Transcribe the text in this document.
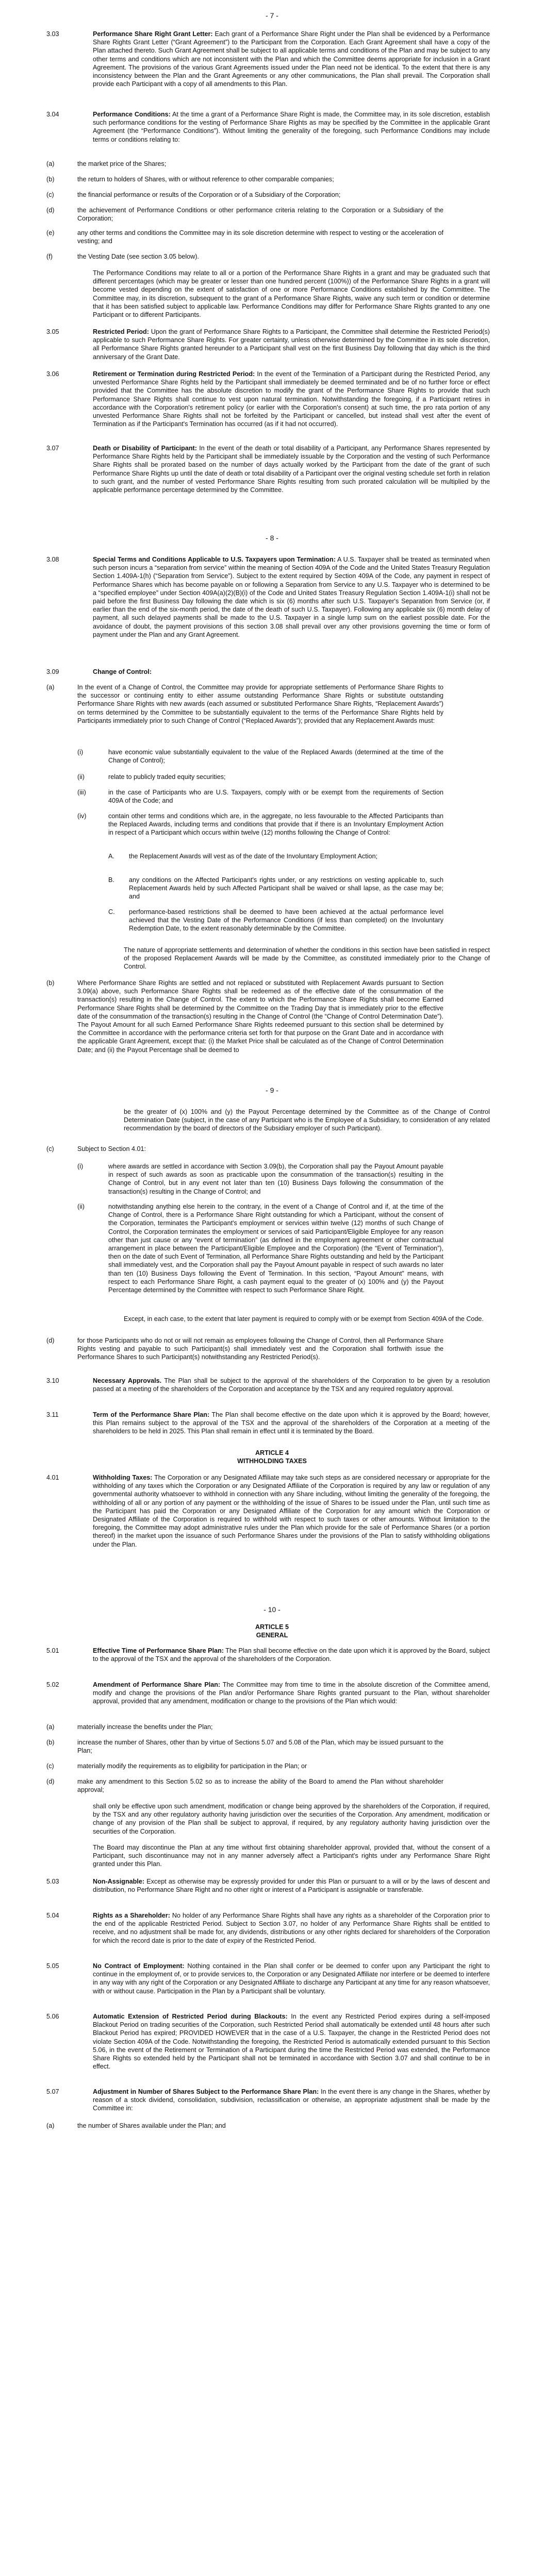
- 7 -
3.03	Performance Share Right Grant Letter: Each grant of a Performance Share Right under the Plan shall be evidenced by a Performance Share Rights Grant Letter (“Grant Agreement”) to the Participant from the Corporation. Each Grant Agreement shall have a copy of the Plan attached thereto. Such Grant Agreement shall be subject to all applicable terms and conditions of the Plan and may be subject to any other terms and conditions which are not inconsistent with the Plan and which the Committee deems appropriate for inclusion in a Grant Agreement. The provisions of the various Grant Agreements issued under the Plan need not be identical. To the extent that there is any inconsistency between the Plan and the Grant Agreements or any other communications, the Plan shall prevail. The Corporation shall provide each Participant with a copy of all amendments to this Plan.
3.04	Performance Conditions: At the time a grant of a Performance Share Right is made, the Committee may, in its sole discretion, establish such performance conditions for the vesting of Performance Share Rights as may be specified by the Committee in the applicable Grant Agreement (the “Performance Conditions”). Without limiting the generality of the foregoing, such Performance Conditions may include terms or conditions relating to:
(a)	the market price of the Shares;
(b)	the return to holders of Shares, with or without reference to other comparable companies;
(c)	the financial performance or results of the Corporation or of a Subsidiary of the Corporation;
(d)	the achievement of Performance Conditions or other performance criteria relating to the Corporation or a Subsidiary of the Corporation;
(e)	any other terms and conditions the Committee may in its sole discretion determine with respect to vesting or the acceleration of vesting; and
(f)	the Vesting Date (see section 3.05 below).
The Performance Conditions may relate to all or a portion of the Performance Share Rights in a grant and may be graduated such that different percentages (which may be greater or lesser than one hundred percent (100%)) of the Performance Share Rights in a grant will become vested depending on the extent of satisfaction of one or more Performance Conditions established by the Committee. The Committee may, in its discretion, subsequent to the grant of a Performance Share Rights, waive any such term or condition or determine that it has been satisfied subject to applicable law. Performance Conditions may differ for Performance Share Rights granted to any one Participant or to different Participants.
3.05	Restricted Period: Upon the grant of Performance Share Rights to a Participant, the Committee shall determine the Restricted Period(s) applicable to such Performance Share Rights. For greater certainty, unless otherwise determined by the Committee in its sole discretion, all Performance Share Rights granted hereunder to a Participant shall vest on the first Business Day following that day which is the third anniversary of the Grant Date.
3.06	Retirement or Termination during Restricted Period: In the event of the Termination of a Participant during the Restricted Period, any unvested Performance Share Rights held by the Participant shall immediately be deemed terminated and be of no further force or effect provided that the Committee has the absolute discretion to modify the grant of the Performance Share Rights to provide that such Performance Share Rights shall continue to vest upon natural termination. Notwithstanding the foregoing, if a Participant retires in accordance with the Corporation's retirement policy (or earlier with the Corporation's consent) at such time, the pro rata portion of any unvested Performance Share Rights shall not be forfeited by the Participant or cancelled, but instead shall vest after the event of Termination as if the Participant's Termination has occurred (as if it had not occurred).
3.07	Death or Disability of Participant: In the event of the death or total disability of a Participant, any Performance Shares represented by Performance Share Rights held by the Participant shall be immediately issuable by the Corporation and the vesting of such Performance Share Rights shall be prorated based on the number of days actually worked by the Participant from the date of the grant of such Performance Share Rights up until the date of death or total disability of a Participant over the original vesting schedule set forth in relation to such grant, and the number of vested Performance Share Rights resulting from such prorated calculation will be multiplied by the applicable performance percentage determined by the Committee.
- 8 -
3.08	Special Terms and Conditions Applicable to U.S. Taxpayers upon Termination: A U.S. Taxpayer shall be treated as terminated when such person incurs a “separation from service” within the meaning of Section 409A of the Code and the United States Treasury Regulation Section 1.409A-1(h) (“Separation from Service”). Subject to the extent required by Section 409A of the Code, any payment in respect of Performance Shares which has become payable on or following a Separation from Service to any U.S. Taxpayer who is determined to be a “specified employee” under Section 409A(a)(2)(B)(i) of the Code and United States Treasury Regulation Section 1.409A-1(i) shall not be paid before the first Business Day following the date which is six (6) months after such U.S. Taxpayer's Separation from Service (or, if earlier than the end of the six-month period, the date of the death of such U.S. Taxpayer). Following any applicable six (6) month delay of payment, all such delayed payments shall be made to the U.S. Taxpayer in a single lump sum on the earliest possible date. For the avoidance of doubt, the payment provisions of this section 3.08 shall prevail over any other provisions governing the time or form of payment under the Plan and any Grant Agreement.
3.09	Change of Control:
(a)	In the event of a Change of Control, the Committee may provide for appropriate settlements of Performance Share Rights to the successor or continuing entity to either assume outstanding Performance Share Rights or substitute outstanding Performance Share Rights with new awards (each assumed or substituted Performance Share Rights, “Replacement Awards”) on terms determined by the Committee to be substantially equivalent to the terms of the Performance Share Rights held by Participants immediately prior to such Change of Control (“Replaced Awards”); provided that any Replacement Awards must:
(i)	have economic value substantially equivalent to the value of the Replaced Awards (determined at the time of the Change of Control);
(ii)	relate to publicly traded equity securities;
(iii)	in the case of Participants who are U.S. Taxpayers, comply with or be exempt from the requirements of Section 409A of the Code; and
(iv)	contain other terms and conditions which are, in the aggregate, no less favourable to the Affected Participants than the Replaced Awards, including terms and conditions that provide that if there is an Involuntary Employment Action in respect of a Participant which occurs within twelve (12) months following the Change of Control:
A.	the Replacement Awards will vest as of the date of the Involuntary Employment Action;
B.	any conditions on the Affected Participant's rights under, or any restrictions on vesting applicable to, such Replacement Awards held by such Affected Participant shall be waived or shall lapse, as the case may be; and
C.	performance-based restrictions shall be deemed to have been achieved at the actual performance level achieved that the Vesting Date of the Performance Conditions (if less than completed) on the Involuntary Redemption Date, to the extent reasonably determinable by the Committee.
The nature of appropriate settlements and determination of whether the conditions in this section have been satisfied in respect of the proposed Replacement Awards will be made by the Committee, as constituted immediately prior to the Change of Control.
(b)	Where Performance Share Rights are settled and not replaced or substituted with Replacement Awards pursuant to Section 3.09(a) above, such Performance Share Rights shall be redeemed as of the effective date of the consummation of the transaction(s) resulting in the Change of Control. The extent to which the Performance Share Rights shall become Earned Performance Share Rights shall be determined by the Committee on the Trading Day that is immediately prior to the effective date of the consummation of the transaction(s) resulting in the Change of Control (the “Change of Control Determination Date”). The Payout Amount for all such Earned Performance Share Rights redeemed pursuant to this section shall be determined by the Committee in accordance with the performance criteria set forth for that purpose on the Grant Date and in accordance with the applicable Grant Agreement, except that: (i) the Market Price shall be calculated as of the Change of Control Determination Date; and (ii) the Payout Percentage shall be deemed to
- 9 -
be the greater of (x) 100% and (y) the Payout Percentage determined by the Committee as of the Change of Control Determination Date (subject, in the case of any Participant who is the Employee of a Subsidiary, to consideration of any related recommendation by the board of directors of the Subsidiary employer of such Participant).
(c)	Subject to Section 4.01:
(i)	where awards are settled in accordance with Section 3.09(b), the Corporation shall pay the Payout Amount payable in respect of such awards as soon as practicable upon the consummation of the transaction(s) resulting in the Change of Control, but in any event not later than ten (10) Business Days following the consummation of the transaction(s) resulting in the Change of Control; and
(ii)	notwithstanding anything else herein to the contrary, in the event of a Change of Control and if, at the time of the Change of Control, there is a Performance Share Right outstanding for which a Participant, without the consent of the Corporation, terminates the Participant's employment or services within twelve (12) months of such Change of Control, the Corporation terminates the employment or services of said Participant/Eligible Employee for any reason other than just cause or any “event of termination” (as defined in the employment agreement or other contractual arrangement in place between the Participant/Eligible Employee and the Corporation) (the “Event of Termination”), then on the date of such Event of Termination, all Performance Share Rights outstanding and held by the Participant shall immediately vest, and the Corporation shall pay the Payout Amount payable in respect of such awards no later than ten (10) Business Days following the Event of Termination. In this section, “Payout Amount” means, with respect to each Performance Share Right, a cash payment equal to the greater of (x) 100% and (y) the Payout Percentage determined by the Committee with respect to such Performance Share Right.
Except, in each case, to the extent that later payment is required to comply with or be exempt from Section 409A of the Code.
(d)	for those Participants who do not or will not remain as employees following the Change of Control, then all Performance Share Rights vesting and payable to such Participant(s) shall immediately vest and the Corporation shall forthwith issue the Performance Shares to such Participant(s) notwithstanding any Restricted Period(s).
3.10	Necessary Approvals. The Plan shall be subject to the approval of the shareholders of the Corporation to be given by a resolution passed at a meeting of the shareholders of the Corporation and acceptance by the TSX and any required regulatory approval.
3.11	Term of the Performance Share Plan: The Plan shall become effective on the date upon which it is approved by the Board; however, this Plan remains subject to the approval of the TSX and the approval of the shareholders of the Corporation at a meeting of the shareholders to be held in 2025. This Plan shall remain in effect until it is terminated by the Board.
ARTICLE 4
WITHHOLDING TAXES
4.01	Withholding Taxes: The Corporation or any Designated Affiliate may take such steps as are considered necessary or appropriate for the withholding of any taxes which the Corporation or any Designated Affiliate of the Corporation is required by any law or regulation of any governmental authority whatsoever to withhold in connection with any Share including, without limiting the generality of the foregoing, the withholding of all or any portion of any payment or the withholding of the issue of Shares to be issued under the Plan, until such time as the Participant has paid the Corporation or any Designated Affiliate of the Corporation for any amount which the Corporation or Designated Affiliate of the Corporation is required to withhold with respect to such taxes or other amounts. Without limitation to the foregoing, the Committee may adopt administrative rules under the Plan which provide for the sale of Performance Shares (or a portion thereof) in the market upon the issuance of such Performance Shares under the provisions of the Plan to satisfy withholding obligations under the Plan.
- 10 -
ARTICLE 5
GENERAL
5.01	Effective Time of Performance Share Plan: The Plan shall become effective on the date upon which it is approved by the Board, subject to the approval of the TSX and the approval of the shareholders of the Corporation.
5.02	Amendment of Performance Share Plan: The Committee may from time to time in the absolute discretion of the Committee amend, modify and change the provisions of the Plan and/or Performance Share Rights granted pursuant to the Plan, without shareholder approval, provided that any amendment, modification or change to the provisions of the Plan which would:
(a)	materially increase the benefits under the Plan;
(b)	increase the number of Shares, other than by virtue of Sections 5.07 and 5.08 of the Plan, which may be issued pursuant to the Plan;
(c)	materially modify the requirements as to eligibility for participation in the Plan; or
(d)	make any amendment to this Section 5.02 so as to increase the ability of the Board to amend the Plan without shareholder approval;
shall only be effective upon such amendment, modification or change being approved by the shareholders of the Corporation, if required, by the TSX and any other regulatory authority having jurisdiction over the securities of the Corporation. Any amendment, modification or change of any provision of the Plan shall be subject to approval, if required, by any regulatory authority having jurisdiction over the securities of the Corporation.
The Board may discontinue the Plan at any time without first obtaining shareholder approval, provided that, without the consent of a Participant, such discontinuance may not in any manner adversely affect a Participant's rights under any Performance Share Right granted under this Plan.
5.03	Non-Assignable: Except as otherwise may be expressly provided for under this Plan or pursuant to a will or by the laws of descent and distribution, no Performance Share Right and no other right or interest of a Participant is assignable or transferable.
5.04	Rights as a Shareholder: No holder of any Performance Share Rights shall have any rights as a shareholder of the Corporation prior to the end of the applicable Restricted Period. Subject to Section 3.07, no holder of any Performance Share Rights shall be entitled to receive, and no adjustment shall be made for, any dividends, distributions or any other rights declared for shareholders of the Corporation for which the record date is prior to the date of expiry of the Restricted Period.
5.05	No Contract of Employment: Nothing contained in the Plan shall confer or be deemed to confer upon any Participant the right to continue in the employment of, or to provide services to, the Corporation or any Designated Affiliate nor interfere or be deemed to interfere in any way with any right of the Corporation or any Designated Affiliate to discharge any Participant at any time for any reason whatsoever, with or without cause. Participation in the Plan by a Participant shall be voluntary.
5.06	Automatic Extension of Restricted Period during Blackouts: In the event any Restricted Period expires during a self-imposed Blackout Period on trading securities of the Corporation, such Restricted Period shall automatically be extended until 48 hours after such Blackout Period has expired; PROVIDED HOWEVER that in the case of a U.S. Taxpayer, the change in the Restricted Period does not violate Section 409A of the Code. Notwithstanding the foregoing, the Restricted Period is automatically extended pursuant to this Section 5.06, in the event of the Retirement or Termination of a Participant during the time the Restricted Period was extended, the Performance Share Rights so extended held by the Participant shall not be terminated in accordance with Section 3.07 and shall continue to be in effect.
5.07	Adjustment in Number of Shares Subject to the Performance Share Plan: In the event there is any change in the Shares, whether by reason of a stock dividend, consolidation, subdivision, reclassification or otherwise, an appropriate adjustment shall be made by the Committee in:
(a)	the number of Shares available under the Plan; and
